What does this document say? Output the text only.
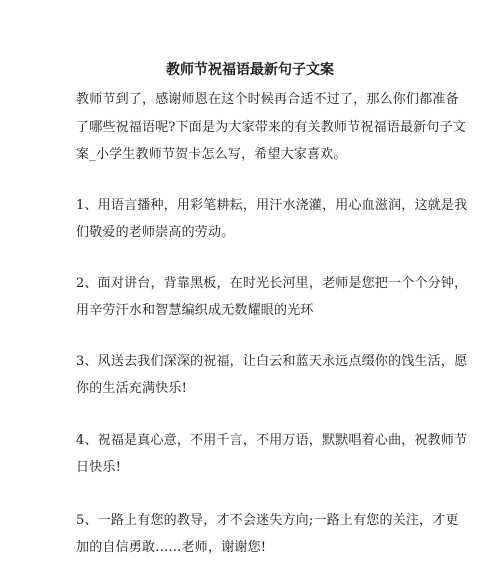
教师节祝福语最新句子文案
教师节到了，感谢师恩在这个时候再合适不过了，那么你们都准备
了哪些祝福语呢?下面是为大家带来的有关教师节祝福语最新句子文
案_小学生教师节贺卡怎么写，希望大家喜欢。
1、用语言播种，用彩笔耕耘，用汗水浇灌，用心血滋润，这就是我
们敬爱的老师崇高的劳动。
2、面对讲台，背靠黑板，在时光长河里，老师是您把一个个分钟，
用辛劳汗水和智慧编织成无数耀眼的光环
3、风送去我们深深的祝福，让白云和蓝天永远点缀你的饯生活，愿
你的生活充满快乐!
4、祝福是真心意，不用千言，不用万语，默默唱着心曲，祝教师节
日快乐!
5、一路上有您的教导，才不会迷失方向;一路上有您的关注，才更
加的自信勇敢……老师，谢谢您!
